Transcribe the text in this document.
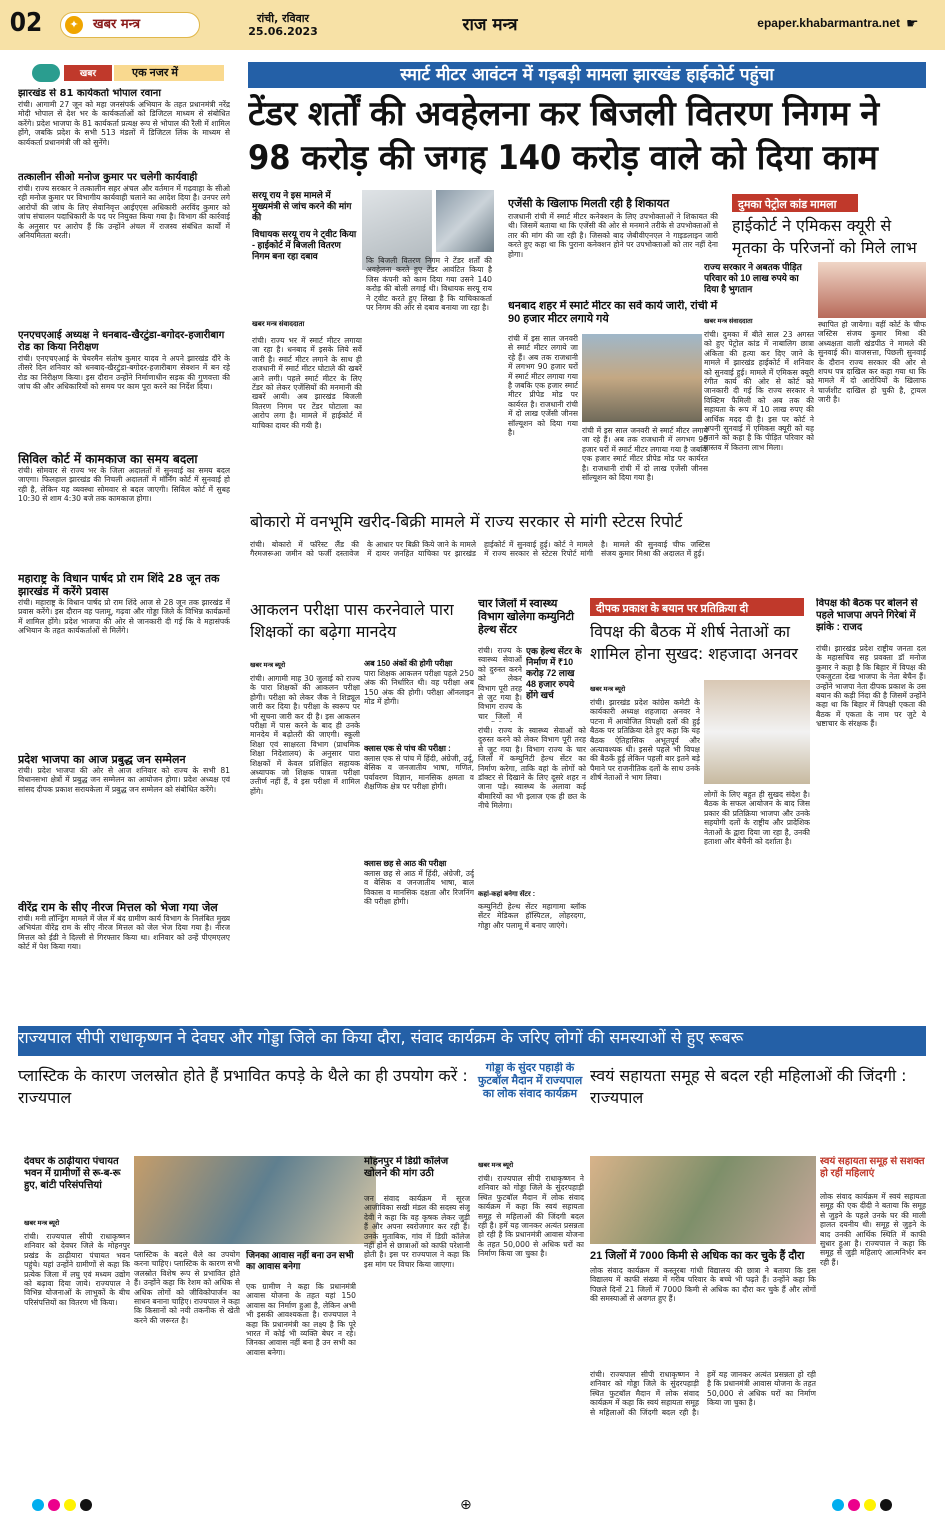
02	✦	खबर मन्त्र	रांची, रविवार
25.06.2023	राज मन्त्र	epaper.khabarmantra.net ☛
खबर	एक नजर में
झारखंड से 81 कार्यकर्ता भोपाल रवाना
रांची। आगामी 27 जून को महा जनसंपर्क अभियान के तहत प्रधानमंत्री नरेंद्र मोदी भोपाल से देश भर के कार्यकर्ताओं को डिजिटल माध्यम से संबोधित करेंगे। प्रदेश भाजपा के 81 कार्यकर्ता प्रत्यक्ष रूप से भोपाल की रैली में शामिल होंगे, जबकि प्रदेश के सभी 513 मंडलों में डिजिटल लिंक के माध्यम से कार्यकर्ता प्रधानमंत्री जी को सुनेंगे।
तत्कालीन सीओ मनोज कुमार पर चलेगी कार्यवाही
रांची। राज्य सरकार ने तत्कालीन सहर अंचल और वर्तमान में गढ़वाहा के सीओ रही मनोज कुमार पर विभागीय कार्यवाही चलाने का आदेश दिया है। उनपर लगे आरोपों की जांच के लिए सेवानिवृत्त आईएएस अधिकारी अरविंद कुमार को जांच संचालन पदाधिकारी के पद पर नियुक्त किया गया है। विभाग की कार्रवाई के अनुसार पर आरोप हैं कि उन्होंने अंचल में राजस्व संबंधित कार्यों में अनियमितता बरती।
एनएचएआई अध्यक्ष ने धनबाद-खैरटुंडा-बगोदर-हजारीबाग रोड का किया निरीक्षण
रांची। एनएचएआई के चेयरमैन संतोष कुमार यादव ने अपने झारखंड दौरे के तीसरे दिन शनिवार को धनबाद-खैरटुंडा-बगोदर-हजारीबाग सेक्शन में बन रहे रोड का निरीक्षण किया। इस दौरान उन्होंने निर्माणाधीन सड़क की गुणवत्ता की जांच की और अधिकारियों को समय पर काम पूरा करने का निर्देश दिया।
सिविल कोर्ट में कामकाज का समय बदला
रांची। सोमवार से राज्य भर के जिला अदालतों में सुनवाई का समय बदल जाएगा। फिलहाल झारखंड की निचली अदालतों में मॉर्निंग कोर्ट में सुनवाई हो रही है, लेकिन यह व्यवस्था सोमवार से बदल जाएगी। सिविल कोर्ट में सुबह 10:30 से शाम 4:30 बजे तक कामकाज होगा।
महाराष्ट्र के विधान पार्षद प्रो राम शिंदे 28 जून तक झारखंड में करेंगे प्रवास
रांची। महाराष्ट्र के विधान पार्षद प्रो राम शिंदे आज से 28 जून तक झारखंड में प्रवास करेंगे। इस दौरान वह पलामू, गढ़वा और गोड्डा जिले के विभिन्न कार्यक्रमों में शामिल होंगे। प्रदेश भाजपा की ओर से जानकारी दी गई कि वे महासंपर्क अभियान के तहत कार्यकर्ताओं से मिलेंगे।
प्रदेश भाजपा का आज प्रबुद्ध जन सम्मेलन
रांची। प्रदेश भाजपा की ओर से आज शनिवार को राज्य के सभी 81 विधानसभा क्षेत्रों में प्रबुद्ध जन सम्मेलन का आयोजन होगा। प्रदेश अध्यक्ष एवं सांसद दीपक प्रकाश सरायकेला में प्रबुद्ध जन सम्मेलन को संबोधित करेंगे।
वीरेंद्र राम के सीए नीरज मित्तल को भेजा गया जेल
रांची। मनी लॉन्ड्रिंग मामले में जेल में बंद ग्रामीण कार्य विभाग के निलंबित मुख्य अभियंता वीरेंद्र राम के सीए नीरज मित्तल को जेल भेज दिया गया है। नीरज मित्तल को ईडी ने दिल्ली से गिरफ्तार किया था। शनिवार को उन्हें पीएमएलए कोर्ट में पेश किया गया।
स्मार्ट मीटर आवंटन में गड़बड़ी मामला झारखंड हाईकोर्ट पहुंचा
टेंडर शर्तों की अवहेलना कर बिजली वितरण निगम ने 98 करोड़ की जगह 140 करोड़ वाले को दिया काम
सरयू राय ने इस मामले में मुख्यमंत्री से जांच करने की मांग की
विधायक सरयू राय ने ट्वीट किया - हाईकोर्ट में बिजली वितरण निगम बना रहा दबाव
खबर मन्त्र संवाददाता
रांची। राज्य भर में स्मार्ट मीटर लगाया जा रहा है। धनबाद में इसके लिये सर्वे जारी है। स्मार्ट मीटर लगाने के साथ ही राजधानी में स्मार्ट मीटर घोटाले की खबरें आने लगी। पहले स्मार्ट मीटर के लिए टेंडर को लेकर एजेंसियों की मनमानी की खबरें आयी। अब झारखंड बिजली वितरण निगम पर टेंडर घोटाला का आरोप लगा है। मामले में हाईकोर्ट में याचिका दायर की गयी है।
कि बिजली वितरण निगम ने टेंडर शर्तों की अवहेलना करते हुए टेंडर आवंटित किया है जिस कंपनी को काम दिया गया उसने 140 करोड़ की बोली लगाई थी। विधायक सरयू राय ने ट्वीट करते हुए लिखा है कि याचिकाकर्ता पर निगम की ओर से दबाव बनाया जा रहा है।
एजेंसी के खिलाफ मिलती रही है शिकायत
राजधानी रांची में स्मार्ट मीटर कनेक्शन के लिए उपभोक्ताओं ने शिकायत की थी। जिसमें बताया था कि एजेंसी की ओर से मनमाने तरीके से उपभोक्ताओं से तार की मांग की जा रही है। जिसको बाद जेबीवीएनएल ने गाइडलाइन जारी करते हुए कहा था कि पुराना कनेक्शन होने पर उपभोक्ताओं को तार नहीं देना होगा।
धनबाद शहर में स्मार्ट मीटर का सर्वे कार्य जारी, रांची में 90 हजार मीटर लगाये गये
रांची में इस साल जनवरी से स्मार्ट मीटर लगाये जा रहे हैं। अब तक राजधानी में लगभग 90 हजार घरों में स्मार्ट मीटर लगाया गया है जबकि एक हजार स्मार्ट मीटर प्रीपेड मोड पर कार्यरत है। राजधानी रांची में दो लाख एजेंसी जीनस सॉल्यूशन को दिया गया है।	रांची में इस साल जनवरी से स्मार्ट मीटर लगाये जा रहे हैं। अब तक राजधानी में लगभग 90 हजार घरों में स्मार्ट मीटर लगाया गया है जबकि एक हजार स्मार्ट मीटर प्रीपेड मोड पर कार्यरत है। राजधानी रांची में दो लाख एजेंसी जीनस सॉल्यूशन को दिया गया है।
बोकारो में वनभूमि खरीद-बिक्री मामले में राज्य सरकार से मांगी स्टेटस रिपोर्ट
रांची। बोकारो में फॉरेस्ट लैंड की गैरमजरूआ जमीन को फर्जी दस्तावेज के आधार पर बिक्री किये जाने के मामले में दायर जनहित याचिका पर झारखंड हाईकोर्ट में सुनवाई हुई। कोर्ट ने मामले में राज्य सरकार से स्टेटस रिपोर्ट मांगी है। मामले की सुनवाई चीफ जस्टिस संजय कुमार मिश्रा की अदालत में हुई।
दुमका पेट्रोल कांड मामला
हाईकोर्ट ने एमिकस क्यूरी से मृतका के परिजनों को मिले लाभ
राज्य सरकार ने अबतक पीड़ित परिवार को 10 लाख रुपये का दिया है भुगतान
खबर मन्त्र संवाददाता
रांची। दुमका में बीते साल 23 अगस्त को हुए पेट्रोल कांड में नाबालिग छात्रा अंकिता की हत्या कर दिए जाने के मामले में झारखंड हाईकोर्ट में शनिवार को सुनवाई हुई। मामले में एमिकस क्यूरी रंगीत कार्य की ओर से कोर्ट को जानकारी दी गई कि राज्य सरकार ने विक्टिम फैमिली को अब तक की सहायता के रूप में 10 लाख रुपए की आर्थिक मदद दी है। इस पर कोर्ट ने अपनी सुनवाई में एमिकस क्यूरी को यह बताने को कहा है कि पीड़ित परिवार को वास्तव में कितना लाभ मिला।
स्थापित हो जायेगा। वहीं कोर्ट के चीफ जस्टिस संजय कुमार मिश्रा की अध्यक्षता वाली खंडपीठ ने मामले की सुनवाई की। वाजसत्ता, पिछली सुनवाई के दौरान राज्य सरकार की ओर से शपथ पत्र दाखिल कर कहा गया था कि मामले में दो आरोपियों के खिलाफ चार्जशीट दाखिल हो चुकी है, ट्रायल जारी है।
आकलन परीक्षा पास करनेवाले पारा शिक्षकों का बढ़ेगा मानदेय
खबर मन्त्र ब्यूरो
रांची। आगामी माह 30 जुलाई को राज्य के पारा शिक्षकों की आकलन परीक्षा होगी। परीक्षा को लेकर जैक ने शिड्यूल जारी कर दिया है। परीक्षा के स्वरूप पर भी सूचना जारी कर दी है। इस आकलन परीक्षा में पास करने के बाद ही उनके मानदेय में बढ़ोतरी की जाएगी। स्कूली शिक्षा एवं साक्षरता विभाग (प्राथमिक शिक्षा निदेशालय) के अनुसार पारा शिक्षकों में केवल प्रशिक्षित सहायक अध्यापक जो शिक्षक पात्रता परीक्षा उत्तीर्ण नहीं हैं, वे इस परीक्षा में शामिल होंगे।
अब 150 अंकों की होगी परीक्षा
पारा शिक्षक आकलन परीक्षा पहले 250 अंक की निर्धारित थी। वह परीक्षा अब 150 अंक की होगी। परीक्षा ऑनलाइन मोड में होगी।
क्लास एक से पांच की परीक्षा :
क्लास एक से पांच में हिंदी, अंग्रेजी, उर्दू, बेसिक व जनजातीय भाषा, गणित, पर्यावरण विज्ञान, मानसिक क्षमता व शैक्षणिक क्षेत्र पर परीक्षा होगी।
क्लास छह से आठ की परीक्षा
क्लास छह से आठ में हिंदी, अंग्रेजी, उर्दू व बेसिक व जनजातीय भाषा, बाल विकास व मानसिक दक्षता और रिजनिंग की परीक्षा होगी।
चार जिलों में स्वास्थ्य विभाग खोलेगा कम्युनिटी हेल्थ सेंटर
एक हेल्थ सेंटर के निर्माण में ₹10 करोड़ 72 लाख 48 हजार रुपये होंगे खर्च
रांची। राज्य के स्वास्थ्य सेवाओं को दुरुस्त करने को लेकर विभाग पूरी तरह से जुट गया है। विभाग राज्य के चार जिलों में
रांची। राज्य के स्वास्थ्य सेवाओं को दुरुस्त करने को लेकर विभाग पूरी तरह से जुट गया है। विभाग राज्य के चार जिलों में कम्युनिटी हेल्थ सेंटर का निर्माण करेगा, ताकि वहां के लोगों को डॉक्टर से दिखाने के लिए दूसरे शहर न जाना पड़े। स्वास्थ्य के अलावा कई बीमारियों का भी इलाज एक ही छत के नीचे मिलेगा।
कहां-कहां बनेगा सेंटर :
कम्युनिटी हेल्थ सेंटर महागामा ब्लॉक सेंटर मेडिकल हॉस्पिटल, लोहरदगा, गोड्डा और पलामू में बनाए जाएंगे।
दीपक प्रकाश के बयान पर प्रतिक्रिया दी
विपक्ष की बैठक में शीर्ष नेताओं का शामिल होना सुखद: शहजादा अनवर
खबर मन्त्र ब्यूरो
रांची। झारखंड प्रदेश कांग्रेस कमेटी के कार्यकारी अध्यक्ष शहजादा अनवर ने पटना में आयोजित विपक्षी दलों की हुई बैठक पर प्रतिक्रिया देते हुए कहा कि यह बैठक ऐतिहासिक अभूतपूर्व और अत्यावश्यक थी। इससे पहले भी विपक्ष की बैठकें हुई लेकिन पहली बार इतने बड़े पैमाने पर राजनीतिक दलों के साथ उनके शीर्ष नेताओं ने भाग लिया।
लोगों के लिए बहुत ही सुखद संदेश है। बैठक के सफल आयोजन के बाद जिस प्रकार की प्रतिक्रिया भाजपा और उनके सहयोगी दलों के राष्ट्रीय और प्रादेशिक नेताओं के द्वारा दिया जा रहा है, उनकी हताशा और बेचैनी को दर्शाता है।
विपक्ष की बैठक पर बोलने से पहले भाजपा अपने गिरेबां में झांके : राजद
रांची। झारखंड प्रदेश राष्ट्रीय जनता दल के महासचिव सह प्रवक्ता डॉ मनोज कुमार ने कहा है कि बिहार में विपक्ष की एकजुटता देख भाजपा के नेता बेचैन हैं। उन्होंने भाजपा नेता दीपक प्रकाश के उस बयान की कड़ी निंदा की है जिसमें उन्होंने कहा था कि बिहार में विपक्षी एकता की बैठक में एकता के नाम पर जुटे ये भ्रष्टाचार के संरक्षक हैं।
राज्यपाल सीपी राधाकृष्णन ने देवघर और गोड्डा जिले का किया दौरा, संवाद कार्यक्रम के जरिए लोगों की समस्याओं से हुए रूबरू
प्लास्टिक के कारण जलस्रोत होते हैं प्रभावित कपड़े के थैले का ही उपयोग करें : राज्यपाल
गोड्डा के सुंदर पहाड़ी के फुटबॉल मैदान में राज्यपाल का लोक संवाद कार्यक्रम
स्वयं सहायता समूह से बदल रही महिलाओं की जिंदगी : राज्यपाल
देवघर के ठाढ़ीयारा पंचायत भवन में ग्रामीणों से रू-ब-रू हुए, बांटी परिसंपत्तियां
खबर मन्त्र ब्यूरो
रांची। राज्यपाल सीपी राधाकृष्णन शनिवार को देवघर जिले के मोहनपुर प्रखंड के ठाढ़ीयारा पंचायत भवन पहुंचे। यहां उन्होंने ग्रामीणों से कहा कि प्रत्येक जिला में लघु एवं मध्यम उद्योग को बढ़ावा दिया जाये। राज्यपाल ने विभिन्न योजनाओं के लाभुकों के बीच परिसंपत्तियों का वितरण भी किया।
प्लास्टिक के बदले थैले का उपयोग करना चाहिए। प्लास्टिक के कारण सभी जलस्रोत विशेष रूप से प्रभावित होते हैं। उन्होंने कहा कि रेशम को अधिक से अधिक लोगों को जीविकोपार्जन का साधन बनाना चाहिए। राज्यपाल ने कहा कि किसानों को नयी तकनीक से खेती करने की जरूरत है।
जिनका आवास नहीं बना उन सभी का आवास बनेगा
एक ग्रामीण ने कहा कि प्रधानमंत्री आवास योजना के तहत यहां 150 आवास का निर्माण हुआ है, लेकिन अभी भी इसकी आवश्यकता है। राज्यपाल ने कहा कि प्रधानमंत्री का लक्ष्य है कि पूरे भारत में कोई भी व्यक्ति बेघर न रहे। जिनका आवास नहीं बना है उन सभी का आवास बनेगा।
मोहनपुर में डिग्री कॉलेज खोलने की मांग उठी
जन संवाद कार्यक्रम में सूरज आजीविका सखी मंडल की सदस्य संजू देवी ने कहा कि वह कृषक लेकर जुड़ी हैं और अपना स्वरोजगार कर रही हैं। उनके मुताबिक, गांव में डिग्री कॉलेज नहीं होने से छात्राओं को काफी परेशानी होती है। इस पर राज्यपाल ने कहा कि इस मांग पर विचार किया जाएगा।
खबर मन्त्र ब्यूरो
रांची। राज्यपाल सीपी राधाकृष्णन ने शनिवार को गोड्डा जिले के सुंदरपहाड़ी स्थित फुटबॉल मैदान में लोक संवाद कार्यक्रम में कहा कि स्वयं सहायता समूह से महिलाओं की जिंदगी बदल रही है। हमें यह जानकर अत्यंत प्रसन्नता हो रही है कि प्रधानमंत्री आवास योजना के तहत 50,000 से अधिक घरों का निर्माण किया जा चुका है।	21 जिलों में 7000 किमी से अधिक का कर चुके हैं दौरा
लोक संवाद कार्यक्रम में कस्तूरबा गांधी विद्यालय की छात्रा ने बताया कि इस विद्यालय में काफी संख्या में गरीब परिवार के बच्चे भी पढ़ते हैं। उन्होंने कहा कि पिछले दिनों 21 जिलों में 7000 किमी से अधिक का दौरा कर चुके हैं और लोगों की समस्याओं से अवगत हुए हैं।
रांची। राज्यपाल सीपी राधाकृष्णन ने शनिवार को गोड्डा जिले के सुंदरपहाड़ी स्थित फुटबॉल मैदान में लोक संवाद कार्यक्रम में कहा कि स्वयं सहायता समूह से महिलाओं की जिंदगी बदल रही है। हमें यह जानकर अत्यंत प्रसन्नता हो रही है कि प्रधानमंत्री आवास योजना के तहत 50,000 से अधिक घरों का निर्माण किया जा चुका है।
स्वयं सहायता समूह से सशक्त हो रहीं महिलाएं
लोक संवाद कार्यक्रम में स्वयं सहायता समूह की एक दीदी ने बताया कि समूह से जुड़ने के पहले उनके घर की माली हालत दयनीय थी। समूह से जुड़ने के बाद उनकी आर्थिक स्थिति में काफी सुधार हुआ है। राज्यपाल ने कहा कि समूह से जुड़ी महिलाएं आत्मनिर्भर बन रही हैं।
⊕
